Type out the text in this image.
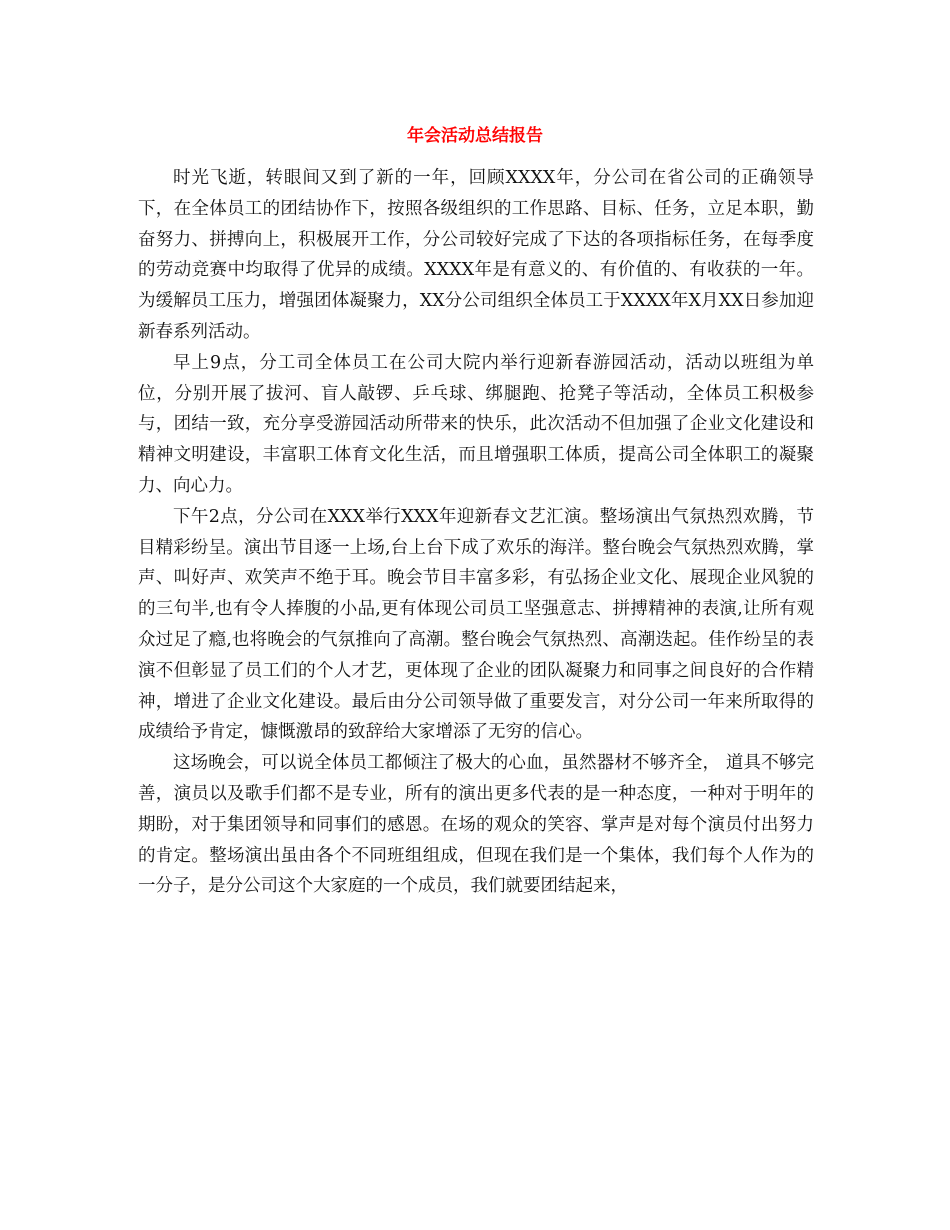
年会活动总结报告

时光飞逝，转眼间又到了新的一年，回顾XXXX年，分公司在省公司的正确领导下，在全体员工的团结协作下，按照各级组织的工作思路、目标、任务，立足本职，勤奋努力、拼搏向上，积极展开工作，分公司较好完成了下达的各项指标任务，在每季度的劳动竞赛中均取得了优异的成绩。XXXX年是有意义的、有价值的、有收获的一年。为缓解员工压力，增强团体凝聚力，XX分公司组织全体员工于XXXX年X月XX日参加迎新春系列活动。

早上9点，分工司全体员工在公司大院内举行迎新春游园活动，活动以班组为单位，分别开展了拔河、盲人敲锣、乒乓球、绑腿跑、抢凳子等活动，全体员工积极参与，团结一致，充分享受游园活动所带来的快乐，此次活动不但加强了企业文化建设和精神文明建设，丰富职工体育文化生活，而且增强职工体质，提高公司全体职工的凝聚力、向心力。

下午2点，分公司在XXX举行XXX年迎新春文艺汇演。整场演出气氛热烈欢腾，节目精彩纷呈。演出节目逐一上场,台上台下成了欢乐的海洋。整台晚会气氛热烈欢腾，掌声、叫好声、欢笑声不绝于耳。晚会节目丰富多彩，有弘扬企业文化、展现企业风貌的的三句半,也有令人捧腹的小品,更有体现公司员工坚强意志、拼搏精神的表演,让所有观众过足了瘾,也将晚会的气氛推向了高潮。整台晚会气氛热烈、高潮迭起。佳作纷呈的表演不但彰显了员工们的个人才艺，更体现了企业的团队凝聚力和同事之间良好的合作精神，增进了企业文化建设。最后由分公司领导做了重要发言，对分公司一年来所取得的成绩给予肯定，慷慨激昂的致辞给大家增添了无穷的信心。

这场晚会，可以说全体员工都倾注了极大的心血，虽然器材不够齐全， 道具不够完善，演员以及歌手们都不是专业，所有的演出更多代表的是一种态度，一种对于明年的期盼，对于集团领导和同事们的感恩。在场的观众的笑容、掌声是对每个演员付出努力的肯定。整场演出虽由各个不同班组组成，但现在我们是一个集体，我们每个人作为的一分子，是分公司这个大家庭的一个成员，我们就要团结起来，
